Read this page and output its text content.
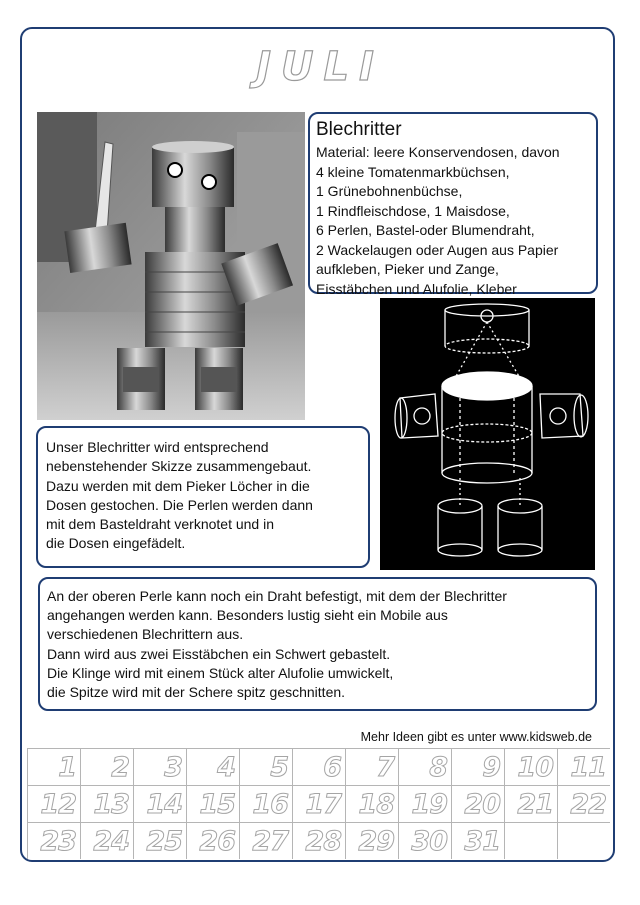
JULI
Blechritter
Material: leere Konservendosen, davon
4 kleine Tomatenmarkbüchsen,
1 Grünebohnenbüchse,
1 Rindfleischdose, 1 Maisdose,
6 Perlen, Bastel-oder Blumendraht,
2 Wackelaugen oder Augen aus Papier
aufkleben, Pieker und Zange,
Eisstäbchen und Alufolie, Kleber
Unser Blechritter wird entsprechend
nebenstehender Skizze zusammengebaut.
Dazu werden mit dem Pieker Löcher in die
Dosen gestochen. Die Perlen werden dann
mit dem Basteldraht verknotet und in
die Dosen eingefädelt.
An der oberen Perle kann noch ein Draht befestigt, mit dem der Blechritter
angehangen werden kann. Besonders lustig sieht ein Mobile aus
verschiedenen Blechrittern aus.
Dann wird aus zwei Eisstäbchen ein Schwert gebastelt.
Die Klinge wird mit einem Stück alter Alufolie umwickelt,
die Spitze wird mit der Schere spitz geschnitten.
Mehr Ideen gibt es unter www.kidsweb.de
1	2	3	4	5	6	7	8	9 10 11
12 13 14 15 16 17 18 19 20 21 22
23 24 25 26 27 28 29 30 31
